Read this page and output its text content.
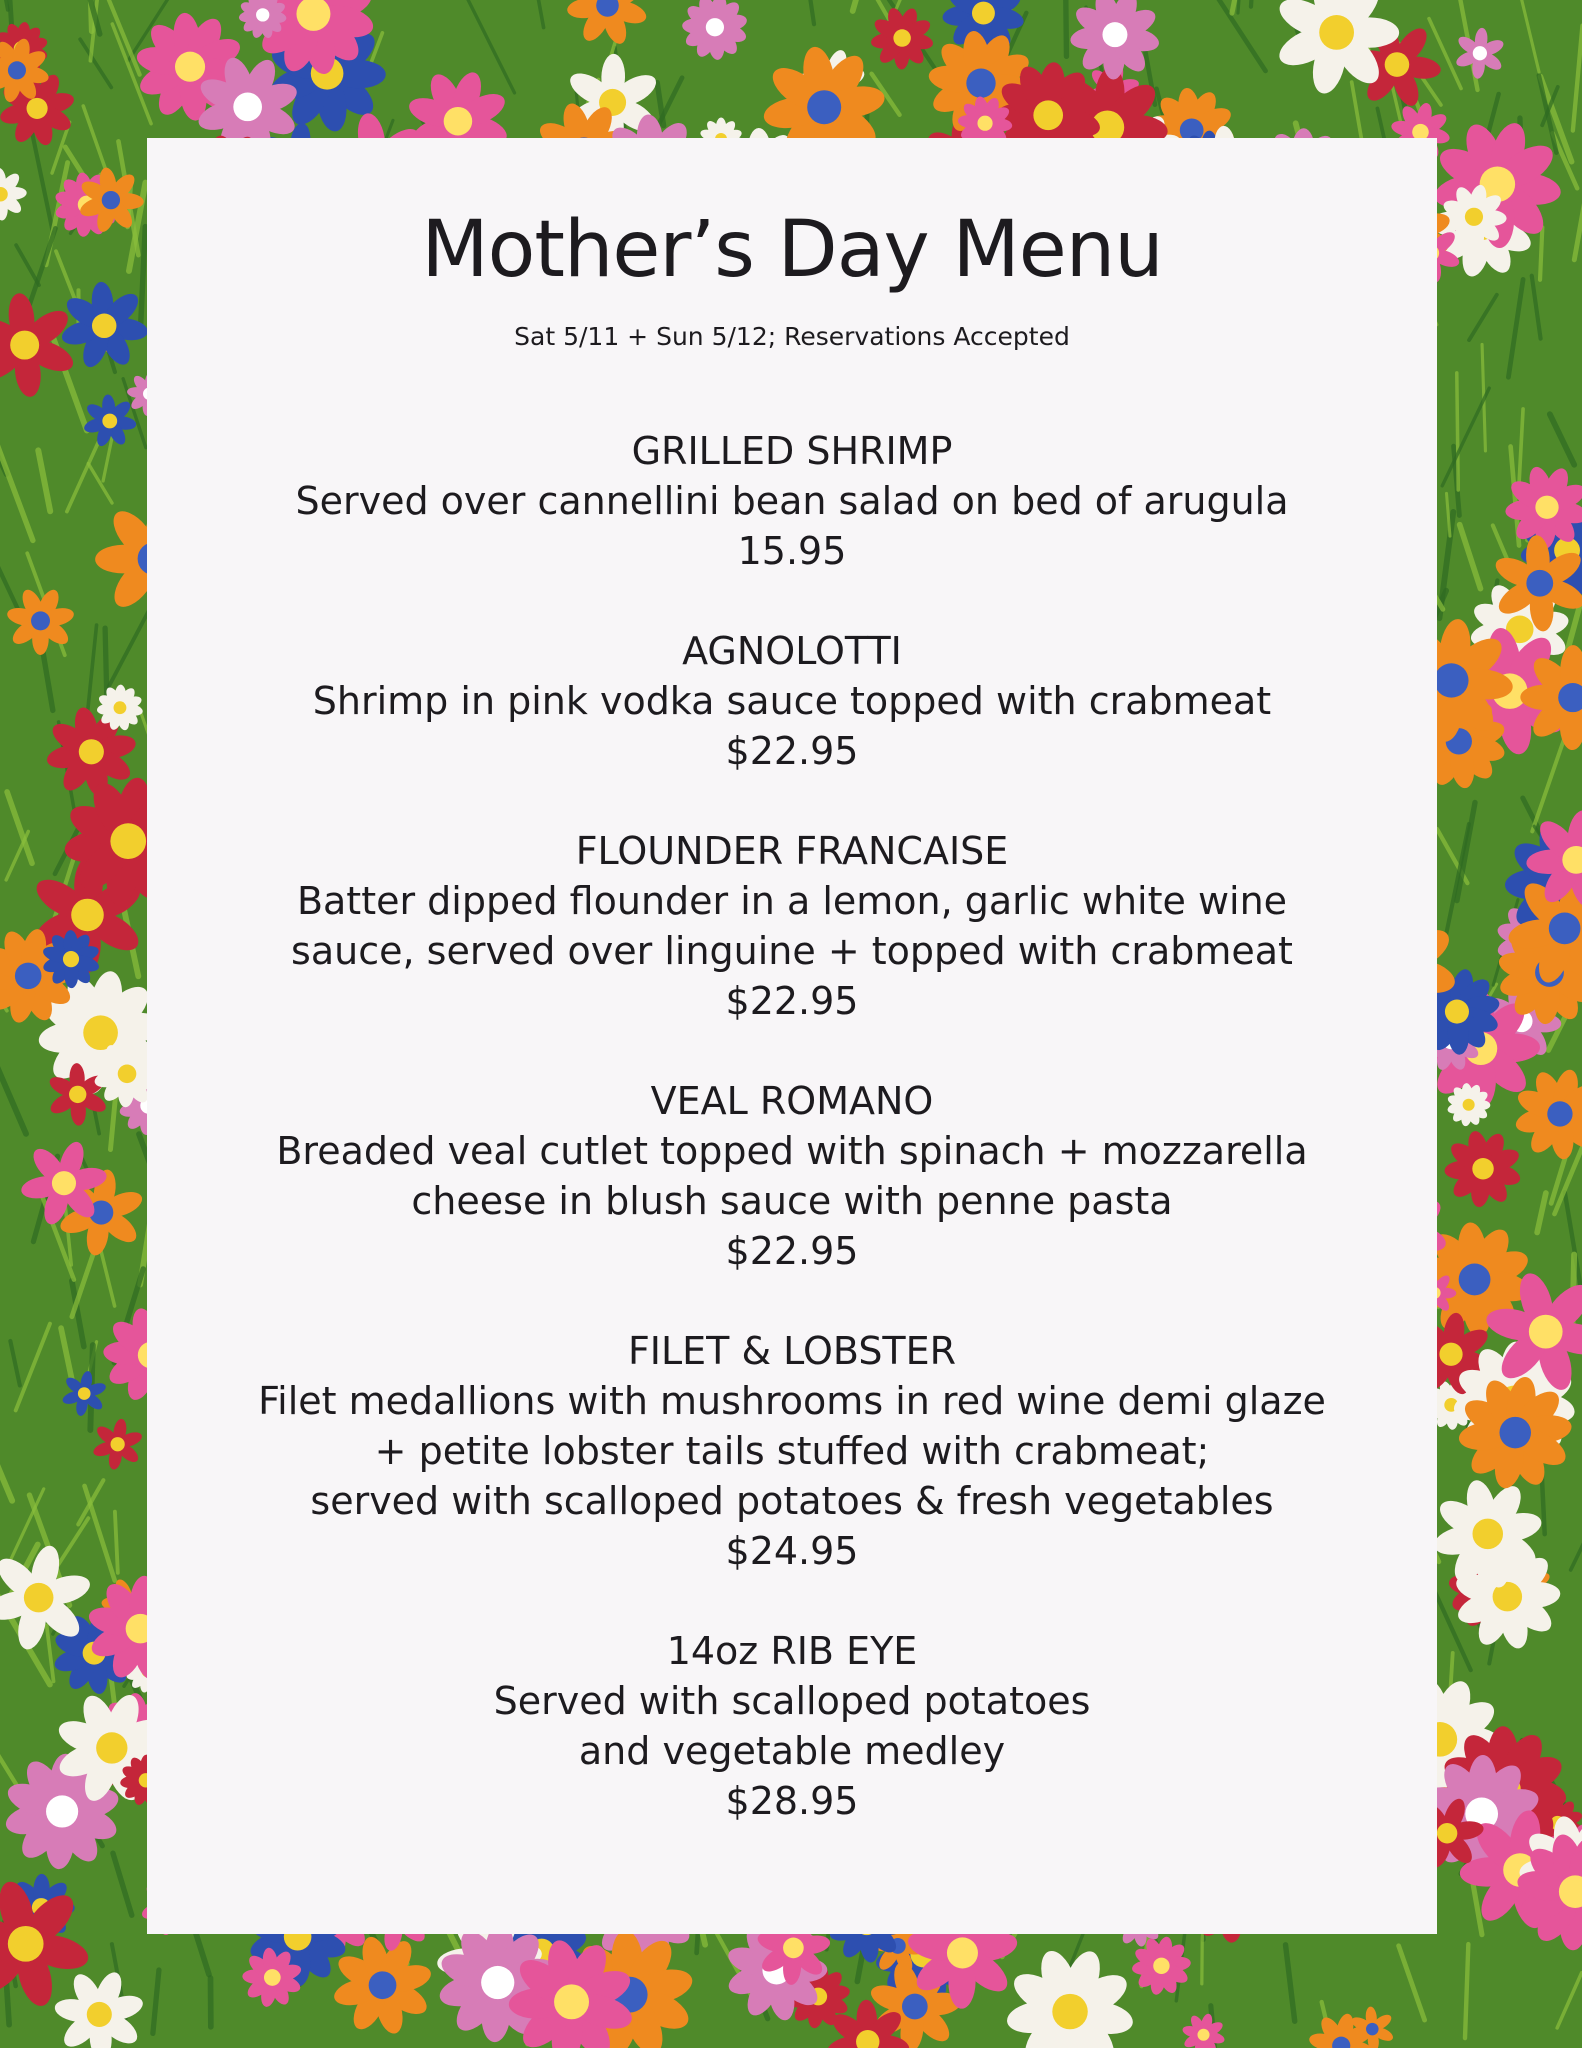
Mother’s Day Menu
Sat 5/11 + Sun 5/12; Reservations Accepted
GRILLED SHRIMP
Served over cannellini bean salad on bed of arugula
15.95
AGNOLOTTI
Shrimp in pink vodka sauce topped with crabmeat
$22.95
FLOUNDER FRANCAISE
Batter dipped flounder in a lemon, garlic white wine
sauce, served over linguine + topped with crabmeat
$22.95
VEAL ROMANO
Breaded veal cutlet topped with spinach + mozzarella
cheese in blush sauce with penne pasta
$22.95
FILET & LOBSTER
Filet medallions with mushrooms in red wine demi glaze
+ petite lobster tails stuffed with crabmeat;
served with scalloped potatoes & fresh vegetables
$24.95
14oz RIB EYE
Served with scalloped potatoes
and vegetable medley
$28.95
